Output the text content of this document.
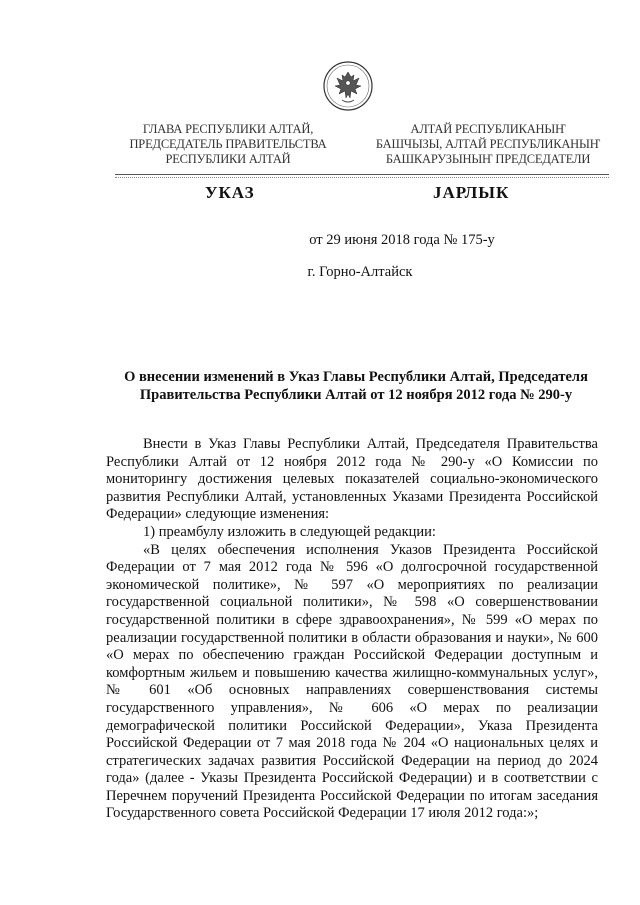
ГЛАВА РЕСПУБЛИКИ АЛТАЙ,
ПРЕДСЕДАТЕЛЬ ПРАВИТЕЛЬСТВА
РЕСПУБЛИКИ АЛТАЙ
АЛТАЙ РЕСПУБЛИКАНЫҤ
БАШЧЫЗЫ, АЛТАЙ РЕСПУБЛИКАНЫҤ
БАШКАРУЗЫНЫҤ ПРЕДСЕДАТЕЛИ
УКАЗ	JАРЛЫК
от 29 июня 2018 года № 175-у
г. Горно-Алтайск
О внесении изменений в Указ Главы Республики Алтай, Председателя Правительства Республики Алтай от 12 ноября 2012 года № 290-у

Внести в Указ Главы Республики Алтай, Председателя Правительства Республики Алтай от 12 ноября 2012 года № 290-у «О Комиссии по мониторингу достижения целевых показателей социально-экономического развития Республики Алтай, установленных Указами Президента Российской Федерации» следующие изменения:

1) преамбулу изложить в следующей редакции:

«В целях обеспечения исполнения Указов Президента Российской Федерации от 7 мая 2012 года № 596 «О долгосрочной государственной экономической политике», № 597 «О мероприятиях по реализации государственной социальной политики», № 598 «О совершенствовании государственной политики в сфере здравоохранения», № 599 «О мерах по реализации государственной политики в области образования и науки», № 600 «О мерах по обеспечению граждан Российской Федерации доступным и комфортным жильем и повышению качества жилищно-коммунальных услуг», № 601 «Об основных направлениях совершенствования системы государственного управления», № 606 «О мерах по реализации демографической политики Российской Федерации», Указа Президента Российской Федерации от 7 мая 2018 года № 204 «О национальных целях и стратегических задачах развития Российской Федерации на период до 2024 года» (далее - Указы Президента Российской Федерации) и в соответствии с Перечнем поручений Президента Российской Федерации по итогам заседания Государственного совета Российской Федерации 17 июля 2012 года:»;
